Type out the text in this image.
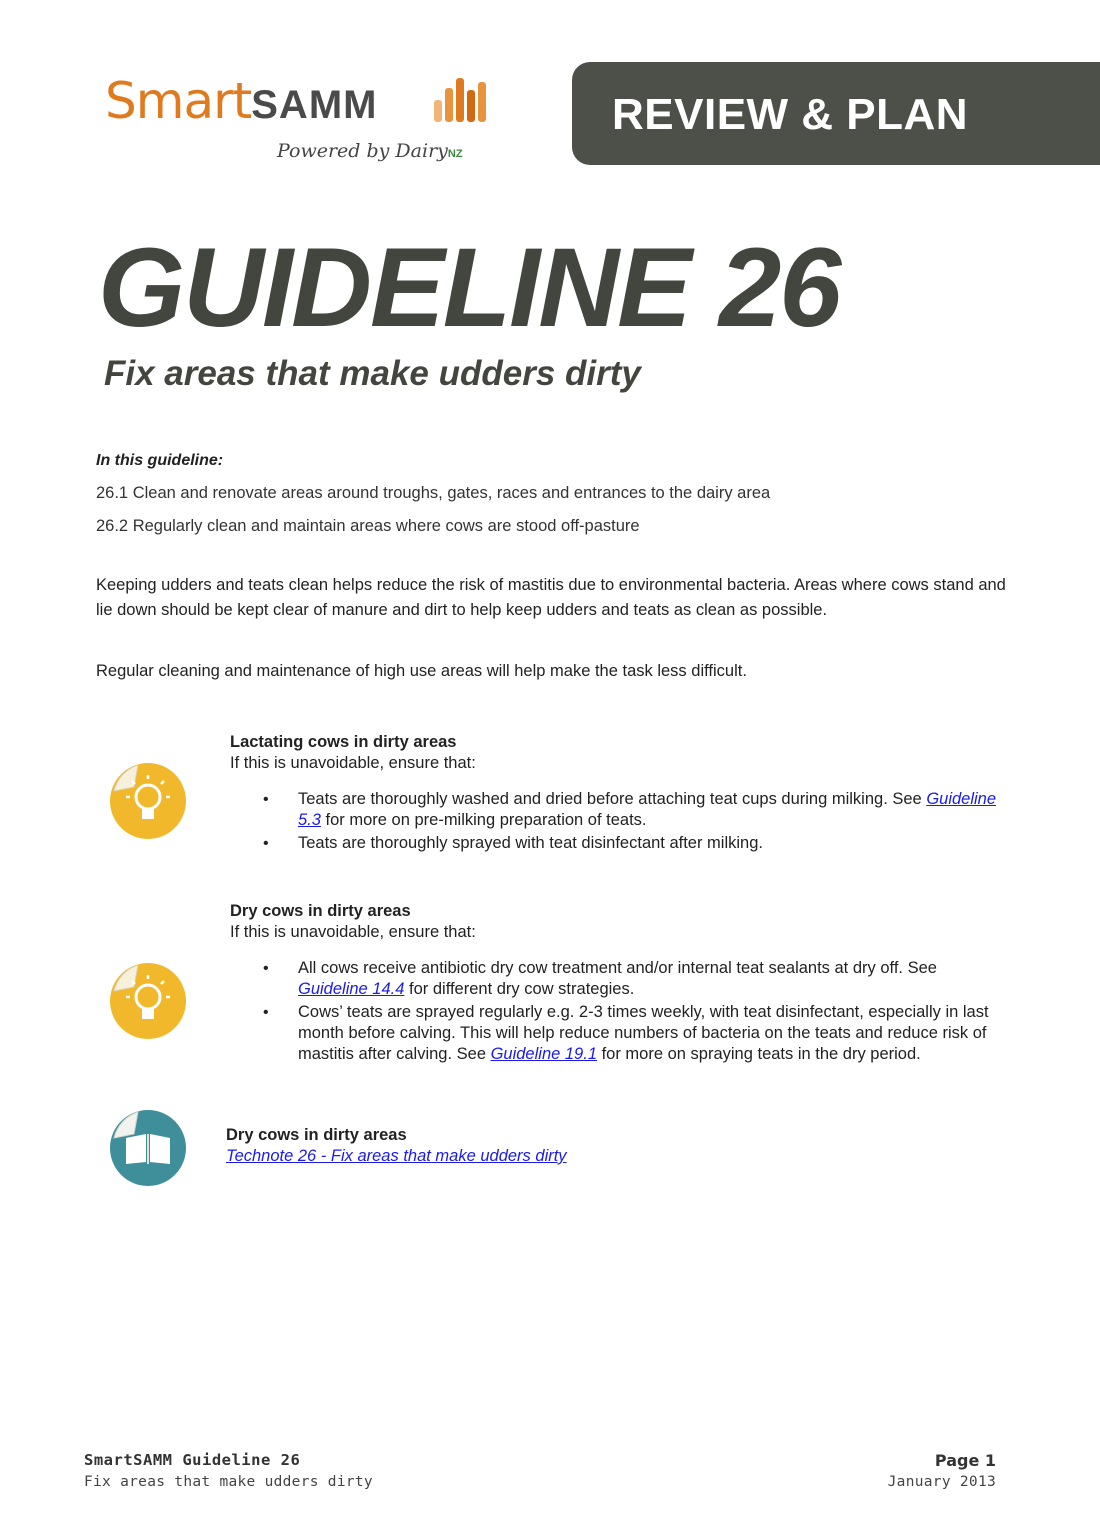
SmartSAMM
Powered by DairyNZ
REVIEW & PLAN
GUIDELINE 26
Fix areas that make udders dirty
In this guideline:
26.1 Clean and renovate areas around troughs, gates, races and entrances to the dairy area
26.2 Regularly clean and maintain areas where cows are stood off-pasture
Keeping udders and teats clean helps reduce the risk of mastitis due to environmental bacteria. Areas where cows stand and lie down should be kept clear of manure and dirt to help keep udders and teats as clean as possible.
Regular cleaning and maintenance of high use areas will help make the task less difficult.
Lactating cows in dirty areas
If this is unavoidable, ensure that:
• Teats are thoroughly washed and dried before attaching teat cups during milking. See Guideline 5.3 for more on pre-milking preparation of teats.
• Teats are thoroughly sprayed with teat disinfectant after milking.
Dry cows in dirty areas
If this is unavoidable, ensure that:
• All cows receive antibiotic dry cow treatment and/or internal teat sealants at dry off. See Guideline 14.4 for different dry cow strategies.
• Cows’ teats are sprayed regularly e.g. 2-3 times weekly, with teat disinfectant, especially in last month before calving. This will help reduce numbers of bacteria on the teats and reduce risk of mastitis after calving. See Guideline 19.1 for more on spraying teats in the dry period.
Dry cows in dirty areas
Technote 26 - Fix areas that make udders dirty
SmartSAMM Guideline 26
Fix areas that make udders dirty
Page 1
January 2013
